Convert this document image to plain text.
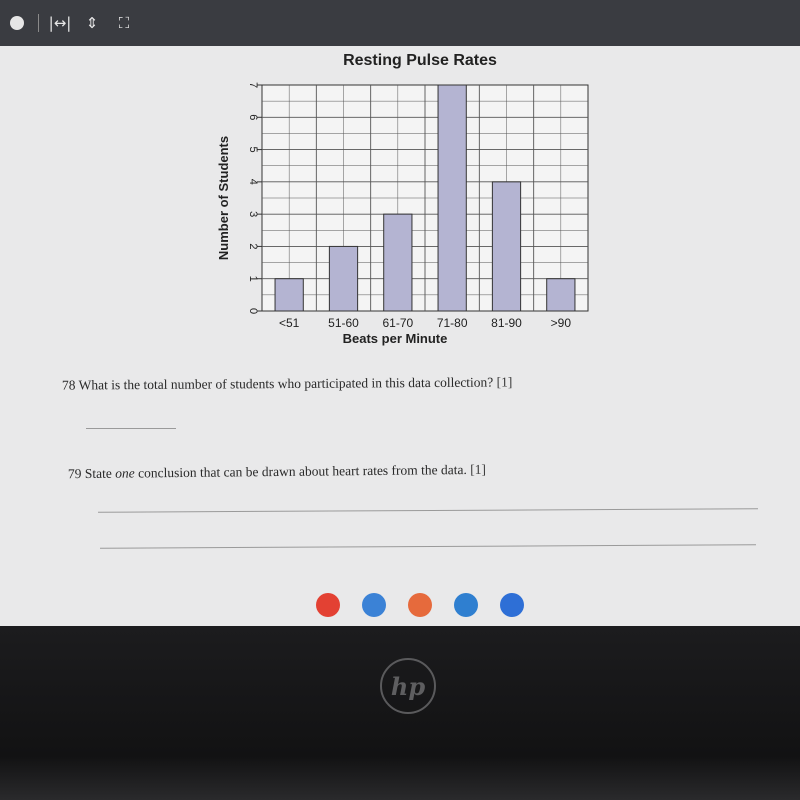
|↔| ⇕	⛶
Resting Pulse Rates
0
1
2
3
4
5
6
7
<51 51-60 61-70 71-80 81-90 >90
Beats per Minute
Number of Students
78 What is the total number of students who participated in this data collection? [1]
79 State one conclusion that can be drawn about heart rates from the data. [1]
hp
